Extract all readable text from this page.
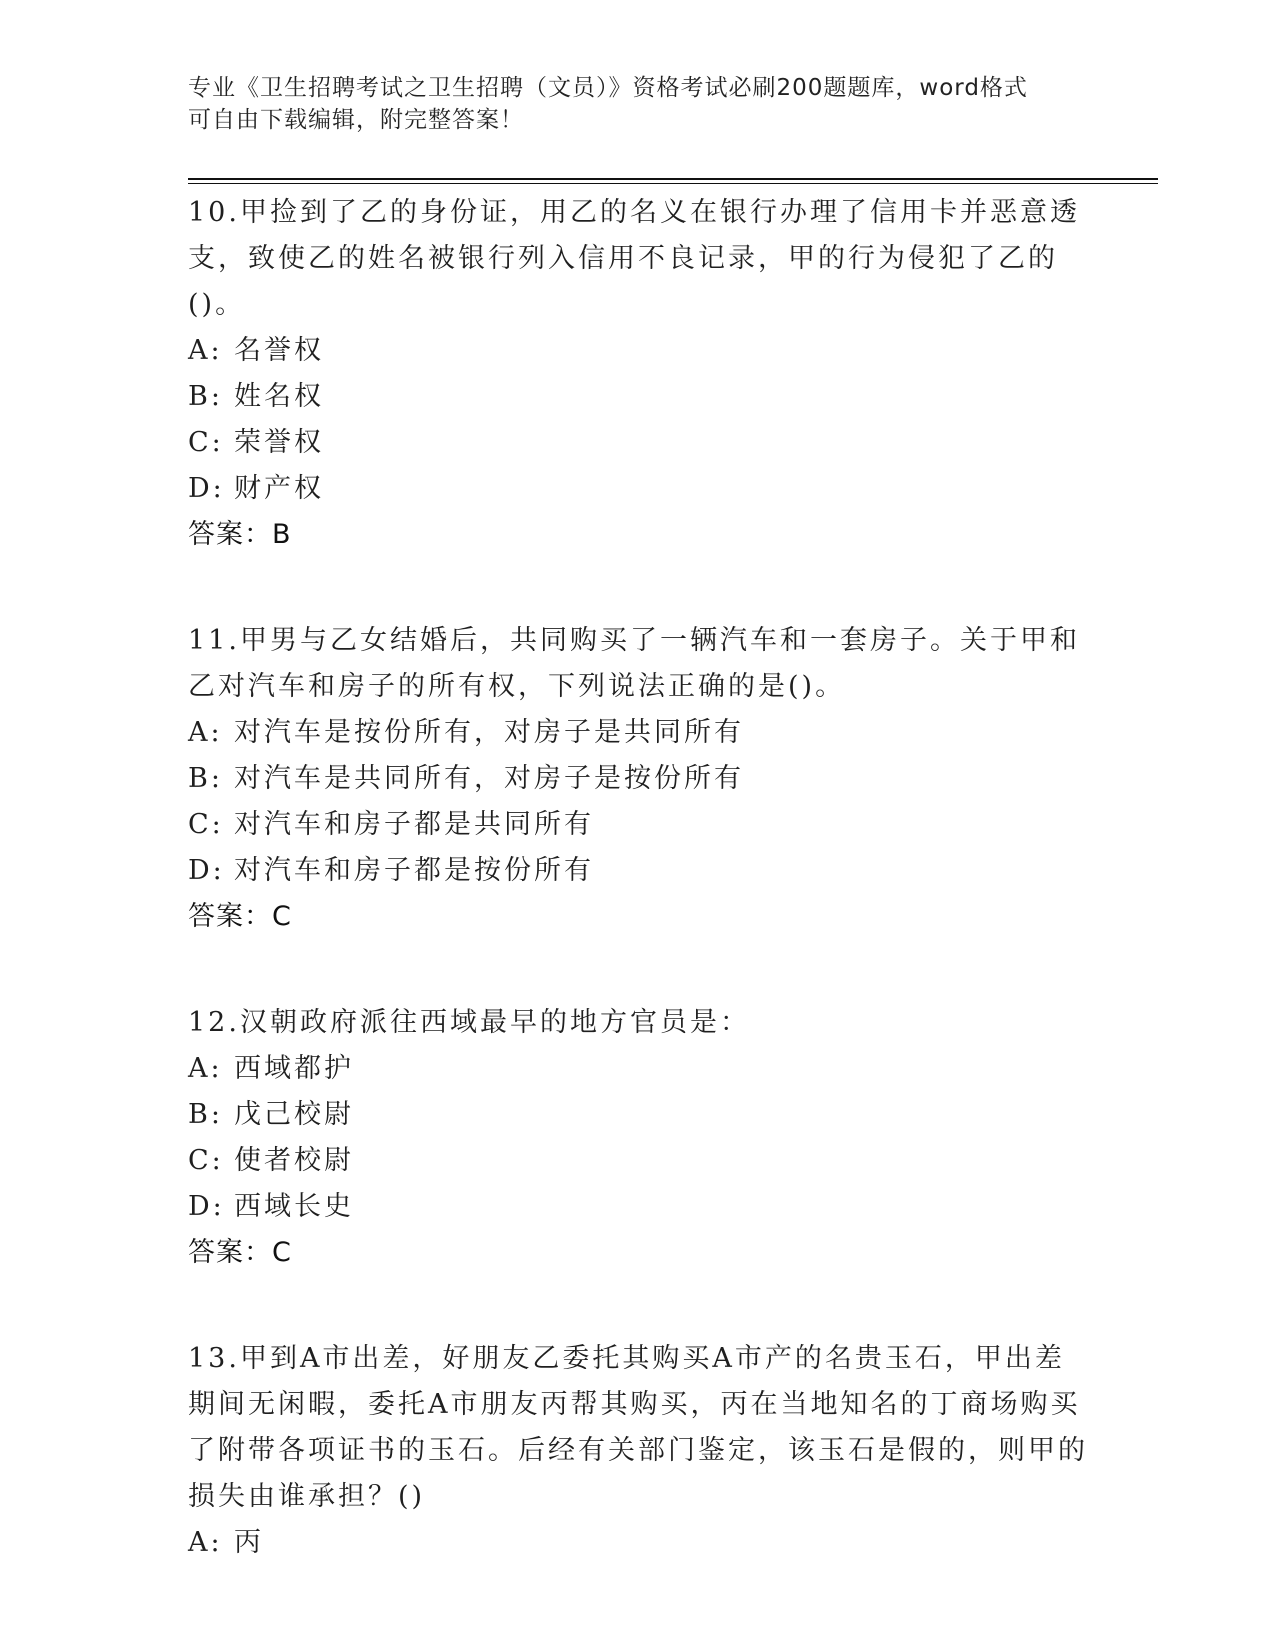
专业《卫生招聘考试之卫生招聘（文员）》资格考试必刷200题题库，word格式
可自由下载编辑，附完整答案！

10.甲捡到了乙的身份证，用乙的名义在银行办理了信用卡并恶意透支，致使乙的姓名被银行列入信用不良记录，甲的行为侵犯了乙的()。

A: 名誉权

B: 姓名权

C: 荣誉权

D: 财产权

答案：B

11.甲男与乙女结婚后，共同购买了一辆汽车和一套房子。关于甲和乙对汽车和房子的所有权，下列说法正确的是()。

A: 对汽车是按份所有，对房子是共同所有

B: 对汽车是共同所有，对房子是按份所有

C: 对汽车和房子都是共同所有

D: 对汽车和房子都是按份所有

答案：C

12.汉朝政府派往西域最早的地方官员是：

A: 西域都护

B: 戊己校尉

C: 使者校尉

D: 西域长史

答案：C

13.甲到A市出差，好朋友乙委托其购买A市产的名贵玉石，甲出差期间无闲暇，委托A市朋友丙帮其购买，丙在当地知名的丁商场购买了附带各项证书的玉石。后经有关部门鉴定，该玉石是假的，则甲的损失由谁承担？()

A: 丙
